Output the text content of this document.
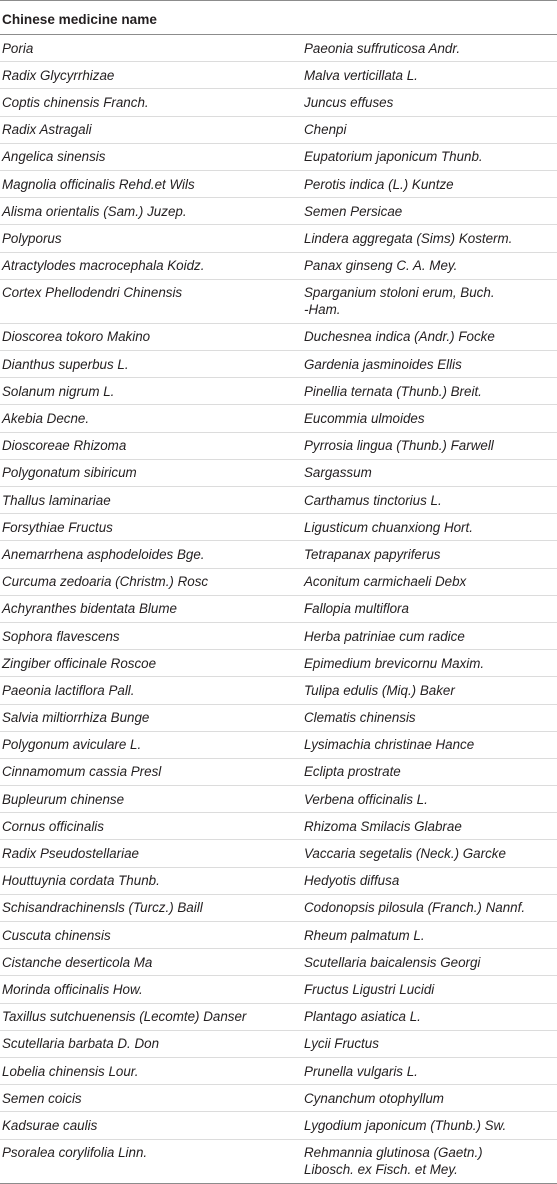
Chinese medicine name	
Poria	Paeonia suffruticosa Andr.
Radix Glycyrrhizae	Malva verticillata L.
Coptis chinensis Franch.	Juncus effuses
Radix Astragali	Chenpi
Angelica sinensis	Eupatorium japonicum Thunb.
Magnolia officinalis Rehd.et Wils	Perotis indica (L.) Kuntze
Alisma orientalis (Sam.) Juzep.	Semen Persicae
Polyporus	Lindera aggregata (Sims) Kosterm.
Atractylodes macrocephala Koidz.	Panax ginseng C. A. Mey.
Cortex Phellodendri Chinensis	Sparganium stoloni erum, Buch.
-Ham.
Dioscorea tokoro Makino	Duchesnea indica (Andr.) Focke
Dianthus superbus L.	Gardenia jasminoides Ellis
Solanum nigrum L.	Pinellia ternata (Thunb.) Breit.
Akebia Decne.	Eucommia ulmoides
Dioscoreae Rhizoma	Pyrrosia lingua (Thunb.) Farwell
Polygonatum sibiricum	Sargassum
Thallus laminariae	Carthamus tinctorius L.
Forsythiae Fructus	Ligusticum chuanxiong Hort.
Anemarrhena asphodeloides Bge.	Tetrapanax papyriferus
Curcuma zedoaria (Christm.) Rosc	Aconitum carmichaeli Debx
Achyranthes bidentata Blume	Fallopia multiflora
Sophora flavescens	Herba patriniae cum radice
Zingiber officinale Roscoe	Epimedium brevicornu Maxim.
Paeonia lactiflora Pall.	Tulipa edulis (Miq.) Baker
Salvia miltiorrhiza Bunge	Clematis chinensis
Polygonum aviculare L.	Lysimachia christinae Hance
Cinnamomum cassia Presl	Eclipta prostrate
Bupleurum chinense	Verbena officinalis L.
Cornus officinalis	Rhizoma Smilacis Glabrae
Radix Pseudostellariae	Vaccaria segetalis (Neck.) Garcke
Houttuynia cordata Thunb.	Hedyotis diffusa
Schisandrachinensls (Turcz.) Baill	Codonopsis pilosula (Franch.) Nannf.
Cuscuta chinensis	Rheum palmatum L.
Cistanche deserticola Ma	Scutellaria baicalensis Georgi
Morinda officinalis How.	Fructus Ligustri Lucidi
Taxillus sutchuenensis (Lecomte) Danser	Plantago asiatica L.
Scutellaria barbata D. Don	Lycii Fructus
Lobelia chinensis Lour.	Prunella vulgaris L.
Semen coicis	Cynanchum otophyllum
Kadsurae caulis	Lygodium japonicum (Thunb.) Sw.
Psoralea corylifolia Linn.	Rehmannia glutinosa (Gaetn.)
Libosch. ex Fisch. et Mey.
